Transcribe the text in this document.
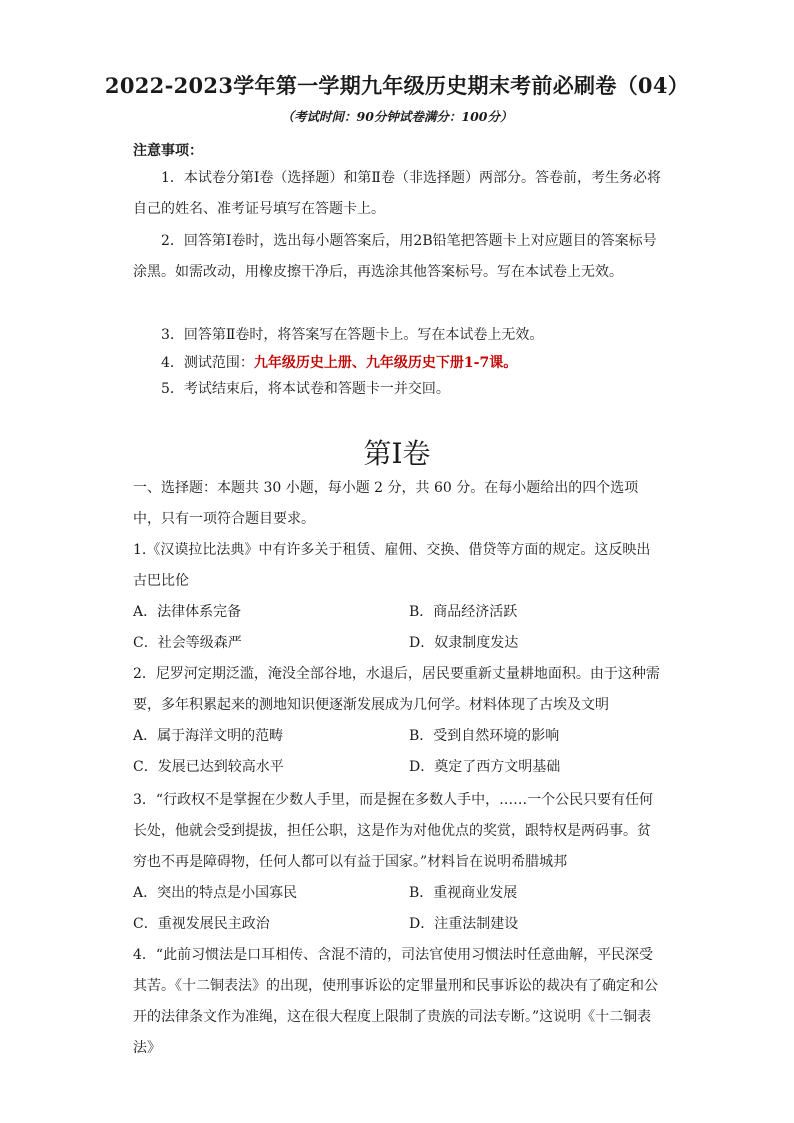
2022-2023学年第一学期九年级历史期末考前必刷卷（04）
（考试时间：90分钟试卷满分：100分）
注意事项：
1．本试卷分第Ⅰ卷（选择题）和第Ⅱ卷（非选择题）两部分。答卷前，考生务必将自己的姓名、准考证号填写在答题卡上。
2．回答第Ⅰ卷时，选出每小题答案后，用2B铅笔把答题卡上对应题目的答案标号涂黑。如需改动，用橡皮擦干净后，再选涂其他答案标号。写在本试卷上无效。
3．回答第Ⅱ卷时，将答案写在答题卡上。写在本试卷上无效。
4．测试范围：九年级历史上册、九年级历史下册1-7课。
5．考试结束后，将本试卷和答题卡一并交回。
第Ⅰ卷
一、选择题：本题共 30 小题，每小题 2 分，共 60 分。在每小题给出的四个选项中，只有一项符合题目要求。
1.《汉谟拉比法典》中有许多关于租赁、雇佣、交换、借贷等方面的规定。这反映出古巴比伦
A．法律体系完备	B．商品经济活跃
C．社会等级森严	D．奴隶制度发达
2．尼罗河定期泛滥，淹没全部谷地，水退后，居民要重新丈量耕地面积。由于这种需要，多年积累起来的测地知识便逐渐发展成为几何学。材料体现了古埃及文明
A．属于海洋文明的范畴	B．受到自然环境的影响
C．发展已达到较高水平	D．奠定了西方文明基础
3．“行政权不是掌握在少数人手里，而是握在多数人手中，……一个公民只要有任何长处，他就会受到提拔，担任公职，这是作为对他优点的奖赏，跟特权是两码事。贫穷也不再是障碍物，任何人都可以有益于国家。”材料旨在说明希腊城邦
A．突出的特点是小国寡民	B．重视商业发展
C．重视发展民主政治	D．注重法制建设
4．“此前习惯法是口耳相传、含混不清的，司法官使用习惯法时任意曲解，平民深受其苦。《十二铜表法》的出现，使刑事诉讼的定罪量刑和民事诉讼的裁决有了确定和公开的法律条文作为准绳，这在很大程度上限制了贵族的司法专断。”这说明《十二铜表法》
